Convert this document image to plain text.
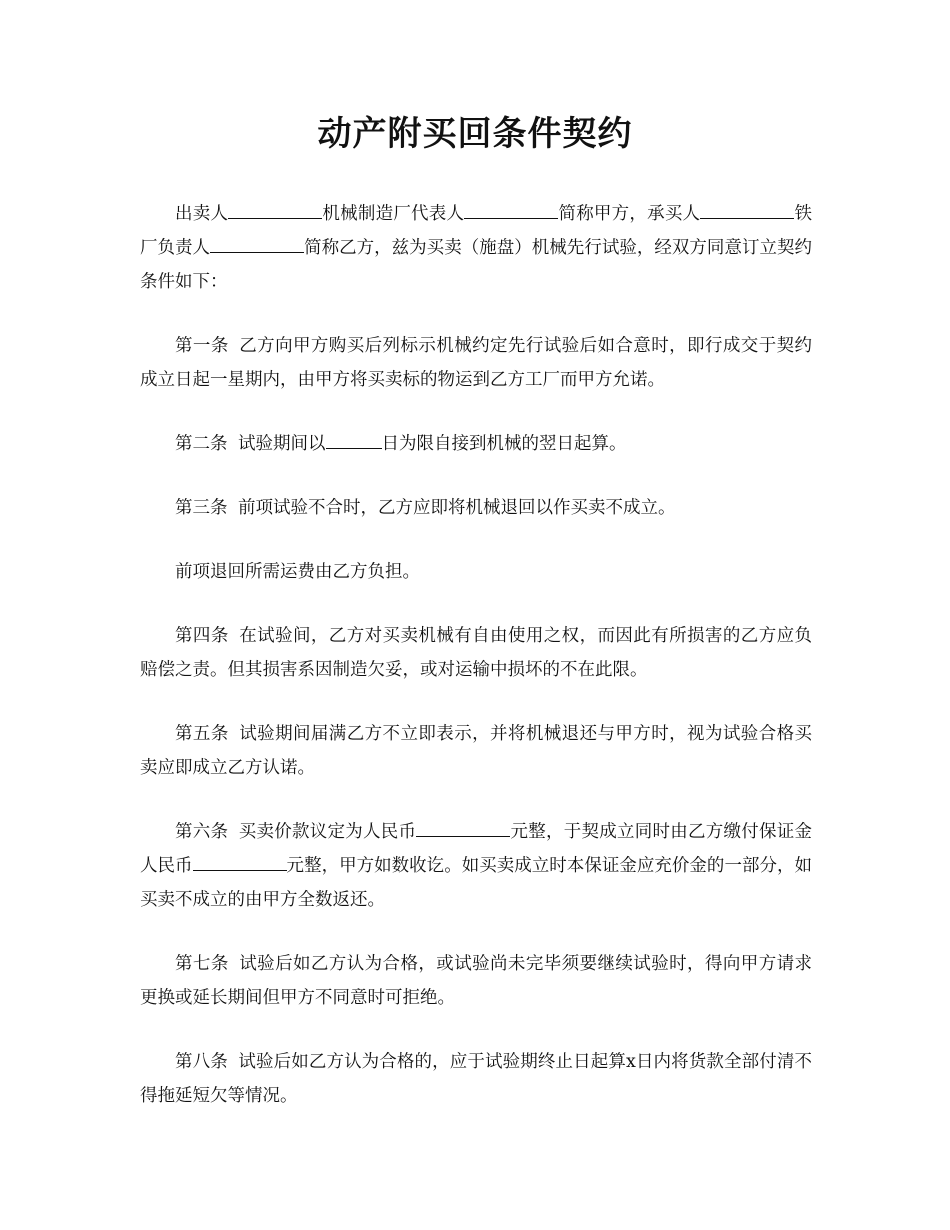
动产附买回条件契约

出卖人	机械制造厂代表人	简称甲方，承买人	铁厂负责人	简称乙方，兹为买卖（施盘）机械先行试验，经双方同意订立契约条件如下：

第一条 乙方向甲方购买后列标示机械约定先行试验后如合意时，即行成交于契约成立日起一星期内，由甲方将买卖标的物运到乙方工厂而甲方允诺。

第二条 试验期间以	日为限自接到机械的翌日起算。

第三条 前项试验不合时，乙方应即将机械退回以作买卖不成立。

前项退回所需运费由乙方负担。

第四条 在试验间，乙方对买卖机械有自由使用之权，而因此有所损害的乙方应负赔偿之责。但其损害系因制造欠妥，或对运输中损坏的不在此限。

第五条 试验期间届满乙方不立即表示，并将机械退还与甲方时，视为试验合格买卖应即成立乙方认诺。

第六条 买卖价款议定为人民币	元整，于契成立同时由乙方缴付保证金人民币	元整，甲方如数收讫。如买卖成立时本保证金应充价金的一部分，如买卖不成立的由甲方全数返还。

第七条 试验后如乙方认为合格，或试验尚未完毕须要继续试验时，得向甲方请求更换或延长期间但甲方不同意时可拒绝。

第八条 试验后如乙方认为合格的，应于试验期终止日起算x日内将货款全部付清不得拖延短欠等情况。
